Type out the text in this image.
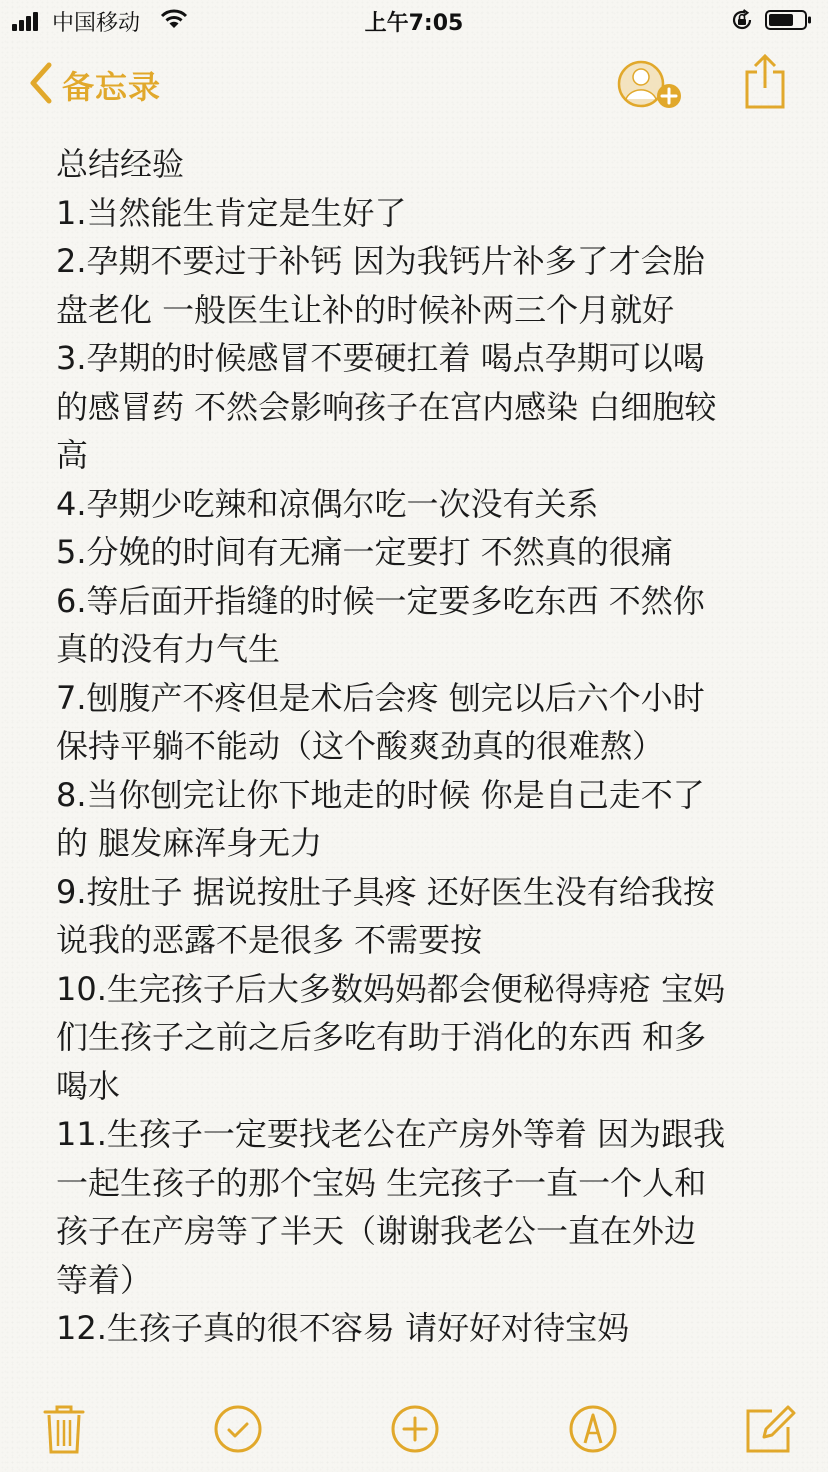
中国移动	上午7:05
备忘录
总结经验
1.当然能生肯定是生好了
2.孕期不要过于补钙 因为我钙片补多了才会胎
盘老化 一般医生让补的时候补两三个月就好
3.孕期的时候感冒不要硬扛着 喝点孕期可以喝
的感冒药 不然会影响孩子在宫内感染 白细胞较
高
4.孕期少吃辣和凉偶尔吃一次没有关系
5.分娩的时间有无痛一定要打 不然真的很痛
6.等后面开指缝的时候一定要多吃东西 不然你
真的没有力气生
7.刨腹产不疼但是术后会疼 刨完以后六个小时
保持平躺不能动（这个酸爽劲真的很难熬）
8.当你刨完让你下地走的时候 你是自己走不了
的 腿发麻浑身无力
9.按肚子 据说按肚子具疼 还好医生没有给我按
说我的恶露不是很多 不需要按
10.生完孩子后大多数妈妈都会便秘得痔疮 宝妈
们生孩子之前之后多吃有助于消化的东西 和多
喝水
11.生孩子一定要找老公在产房外等着 因为跟我
一起生孩子的那个宝妈 生完孩子一直一个人和
孩子在产房等了半天（谢谢我老公一直在外边
等着）
12.生孩子真的很不容易 请好好对待宝妈
